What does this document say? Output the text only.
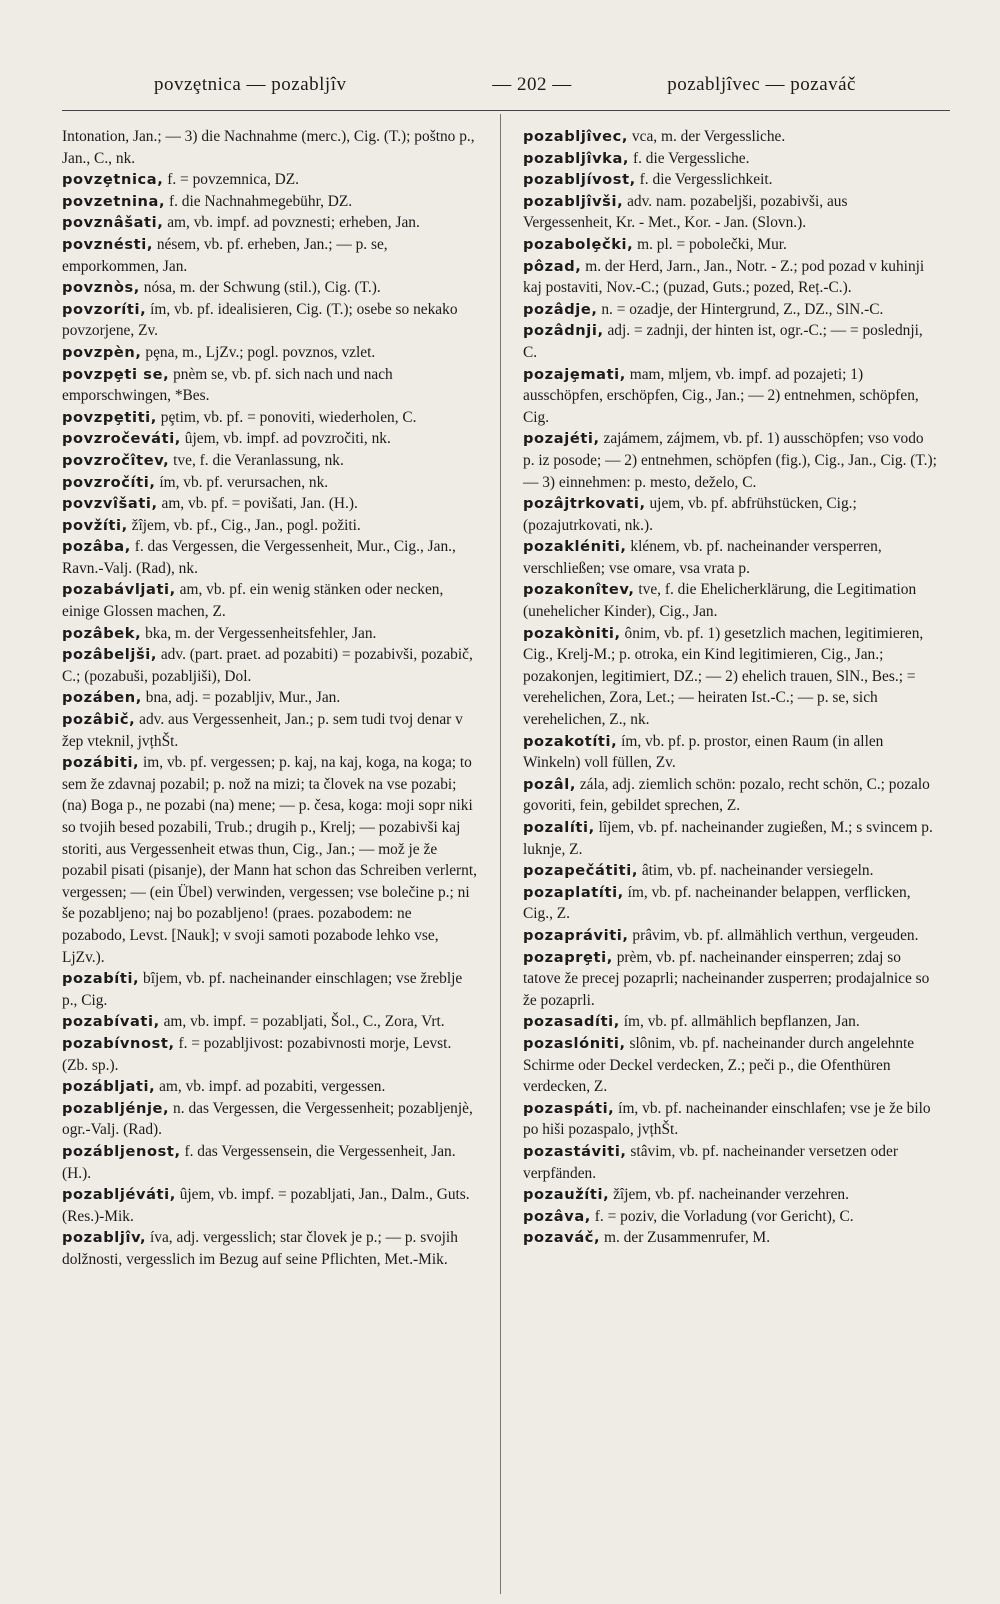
povzȩtnica — pozabljîv	— 202 —	pozabljîvec — pozaváč
Intonation, Jan.; — 3) die Nachnahme (merc.), Cig. (T.); poštno p., Jan., C., nk.
povzȩtnica, f. = povzemnica, DZ.
povzetnina, f. die Nachnahmegebühr, DZ.
povznâšati, am, vb. impf. ad povznesti; erheben, Jan.
povznésti, nésem, vb. pf. erheben, Jan.; — p. se, emporkommen, Jan.
povznòs, nósa, m. der Schwung (stil.), Cig. (T.).
povzoríti, ím, vb. pf. idealisieren, Cig. (T.); osebe so nekako povzorjene, Zv.
povzpèn, pȩna, m., LjZv.; pogl. povznos, vzlet.
povzpȩti se, pnèm se, vb. pf. sich nach und nach emporschwingen, *Bes.
povzpȩtiti, pȩtim, vb. pf. = ponoviti, wiederholen, C.
povzročeváti, ûjem, vb. impf. ad povzročiti, nk.
povzročîtev, tve, f. die Veranlassung, nk.
povzročíti, ím, vb. pf. verursachen, nk.
povzvîšati, am, vb. pf. = povišati, Jan. (H.).
povžíti, žîjem, vb. pf., Cig., Jan., pogl. požiti.
pozâba, f. das Vergessen, die Vergessenheit, Mur., Cig., Jan., Ravn.-Valj. (Rad), nk.
pozabávljati, am, vb. pf. ein wenig stänken oder necken, einige Glossen machen, Z.
pozâbek, bka, m. der Vergessenheitsfehler, Jan.
pozâbeljši, adv. (part. praet. ad pozabiti) = pozabivši, pozabič, C.; (pozabuši, pozabljiši), Dol.
pozáben, bna, adj. = pozabljiv, Mur., Jan.
pozâbič, adv. aus Vergessenheit, Jan.; p. sem tudi tvoj denar v žep vteknil, jvțhŠt.
pozábiti, im, vb. pf. vergessen; p. kaj, na kaj, koga, na koga; to sem že zdavnaj pozabil; p. nož na mizi; ta človek na vse pozabi; (na) Boga p., ne pozabi (na) mene; — p. česa, koga: moji sopr niki so tvojih besed pozabili, Trub.; drugih p., Krelj; — pozabivši kaj storiti, aus Vergessenheit etwas thun, Cig., Jan.; — mož je že pozabil pisati (pisanje), der Mann hat schon das Schreiben verlernt, vergessen; — (ein Übel) verwinden, vergessen; vse bolečine p.; ni še pozabljeno; naj bo pozabljeno! (praes. pozabodem: ne pozabodo, Levst. [Nauk]; v svoji samoti pozabode lehko vse, LjZv.).
pozabíti, bîjem, vb. pf. nacheinander einschlagen; vse žreblje p., Cig.
pozabívati, am, vb. impf. = pozabljati, Šol., C., Zora, Vrt.
pozabívnost, f. = pozabljivost: pozabivnosti morje, Levst. (Zb. sp.).
pozábljati, am, vb. impf. ad pozabiti, vergessen.
pozabljénje, n. das Vergessen, die Vergessenheit; pozabljenjè, ogr.-Valj. (Rad).
pozábljenost, f. das Vergessensein, die Vergessenheit, Jan. (H.).
pozabljéváti, ûjem, vb. impf. = pozabljati, Jan., Dalm., Guts. (Res.)-Mik.
pozabljîv, íva, adj. vergesslich; star človek je p.; — p. svojih dolžnosti, vergesslich im Bezug auf seine Pflichten, Met.-Mik.
pozabljîvec, vca, m. der Vergessliche.
pozabljîvka, f. die Vergessliche.
pozabljívost, f. die Vergesslichkeit.
pozabljîvši, adv. nam. pozabeljši, pozabivši, aus Vergessenheit, Kr. - Met., Kor. - Jan. (Slovn.).
pozabolȩčki, m. pl. = pobolečki, Mur.
pôzad, m. der Herd, Jarn., Jan., Notr. - Z.; pod pozad v kuhinji kaj postaviti, Nov.-C.; (puzad, Guts.; pozed, Reț.-C.).
pozâdje, n. = ozadje, der Hintergrund, Z., DZ., SlN.-C.
pozâdnji, adj. = zadnji, der hinten ist, ogr.-C.; — = poslednji, C.
pozajȩmati, mam, mljem, vb. impf. ad pozajeti; 1) ausschöpfen, erschöpfen, Cig., Jan.; — 2) entnehmen, schöpfen, Cig.
pozajéti, zajámem, zájmem, vb. pf. 1) ausschöpfen; vso vodo p. iz posode; — 2) entnehmen, schöpfen (fig.), Cig., Jan., Cig. (T.); — 3) einnehmen: p. mesto, deželo, C.
pozâjtrkovati, ujem, vb. pf. abfrühstücken, Cig.; (pozajutrkovati, nk.).
pozakléniti, klénem, vb. pf. nacheinander versperren, verschließen; vse omare, vsa vrata p.
pozakonîtev, tve, f. die Ehelicherklärung, die Legitimation (unehelicher Kinder), Cig., Jan.
pozakòniti, ônim, vb. pf. 1) gesetzlich machen, legitimieren, Cig., Krelj-M.; p. otroka, ein Kind legitimieren, Cig., Jan.; pozakonjen, legitimiert, DZ.; — 2) ehelich trauen, SlN., Bes.; = verehelichen, Zora, Let.; — heiraten Ist.-C.; — p. se, sich verehelichen, Z., nk.
pozakotíti, ím, vb. pf. p. prostor, einen Raum (in allen Winkeln) voll füllen, Zv.
pozâl, zála, adj. ziemlich schön: pozalo, recht schön, C.; pozalo govoriti, fein, gebildet sprechen, Z.
pozalíti, lîjem, vb. pf. nacheinander zugießen, M.; s svincem p. luknje, Z.
pozapečátiti, âtim, vb. pf. nacheinander versiegeln.
pozaplatíti, ím, vb. pf. nacheinander belappen, verflicken, Cig., Z.
pozapráviti, prâvim, vb. pf. allmählich verthun, vergeuden.
pozaprȩti, prèm, vb. pf. nacheinander einsperren; zdaj so tatove že precej pozaprli; nacheinander zusperren; prodajalnice so že pozaprli.
pozasadíti, ím, vb. pf. allmählich bepflanzen, Jan.
pozaslóniti, slônim, vb. pf. nacheinander durch angelehnte Schirme oder Deckel verdecken, Z.; peči p., die Ofenthüren verdecken, Z.
pozaspáti, ím, vb. pf. nacheinander einschlafen; vse je že bilo po hiši pozaspalo, jvțhŠt.
pozastáviti, stâvim, vb. pf. nacheinander versetzen oder verpfänden.
pozaužíti, žîjem, vb. pf. nacheinander verzehren.
pozâva, f. = poziv, die Vorladung (vor Gericht), C.
pozaváč, m. der Zusammenrufer, M.
